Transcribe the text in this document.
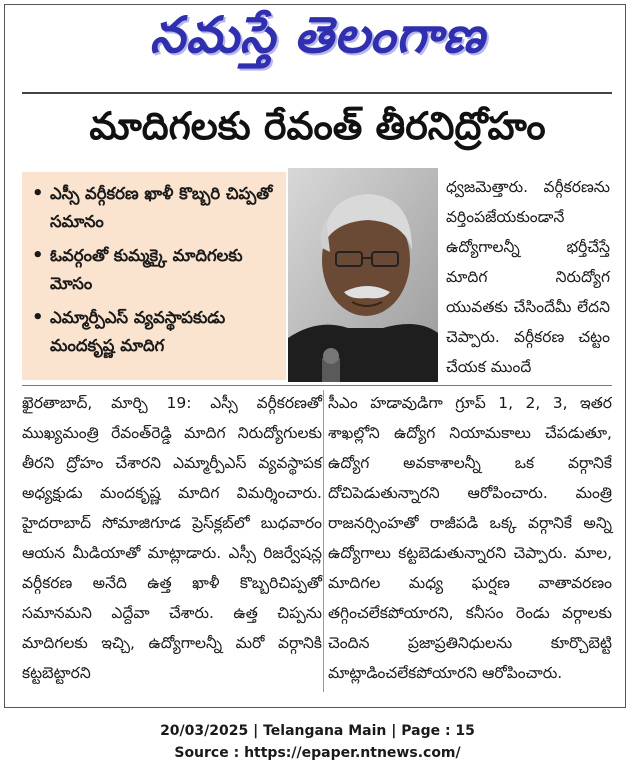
నమస్తే తెలంగాణ
మాదిగలకు రేవంత్ తీరనిద్రోహం
• ఎస్సీ వర్గీకరణ ఖాళీ కొబ్బరి చిప్పతో సమానం
• ఓవర్గంతో కుమ్మక్కై మాదిగలకు మోసం
• ఎమ్మార్పీఎస్ వ్యవస్థాపకుడు మందకృష్ణ మాదిగ

ధ్వజమెత్తారు. వర్గీకరణను వర్తింపజేయకుండానే ఉద్యోగాలన్నీ భర్తీచేస్తే మాదిగ నిరుద్యోగ యువతకు చేసిందేమీ లేదని చెప్పారు. వర్గీకరణ చట్టం చేయక ముందే

ఖైరతాబాద్, మార్చి 19: ఎస్సీ వర్గీకరణతో ముఖ్యమంత్రి రేవంత్‌రెడ్డి మాదిగ నిరుద్యోగులకు తీరని ద్రోహం చేశారని ఎమ్మార్పీఎస్ వ్యవస్థాపక అధ్యక్షుడు మందకృష్ణ మాదిగ విమర్శించారు. హైదరాబాద్ సోమాజిగూడ ప్రెస్‌క్లబ్‌లో బుధవారం ఆయన మీడియాతో మాట్లాడారు. ఎస్సీ రిజర్వేషన్ల వర్గీకరణ అనేది ఉత్త ఖాళీ కొబ్బరిచిప్పతో సమానమని ఎద్దేవా చేశారు. ఉత్త చిప్పను మాదిగలకు ఇచ్చి, ఉద్యోగాలన్నీ మరో వర్గానికి కట్టబెట్టారని

సీఎం హడావుడిగా గ్రూప్ 1, 2, 3, ఇతర శాఖల్లోని ఉద్యోగ నియామకాలు చేపడుతూ, ఉద్యోగ అవకాశాలన్నీ ఒక వర్గానికే దోచిపెడుతున్నారని ఆరోపించారు. మంత్రి రాజనర్సింహతో రాజీపడి ఒక్క వర్గానికే అన్ని ఉద్యోగాలు కట్టబెడుతున్నారని చెప్పారు. మాల, మాదిగల మధ్య ఘర్షణ వాతావరణం తగ్గించలేకపోయారని, కనీసం రెండు వర్గాలకు చెందిన ప్రజాప్రతినిధులను కూర్చొబెట్టి మాట్లాడించలేకపోయారని ఆరోపించారు.

20/03/2025 | Telangana Main | Page : 15
Source : https://epaper.ntnews.com/
